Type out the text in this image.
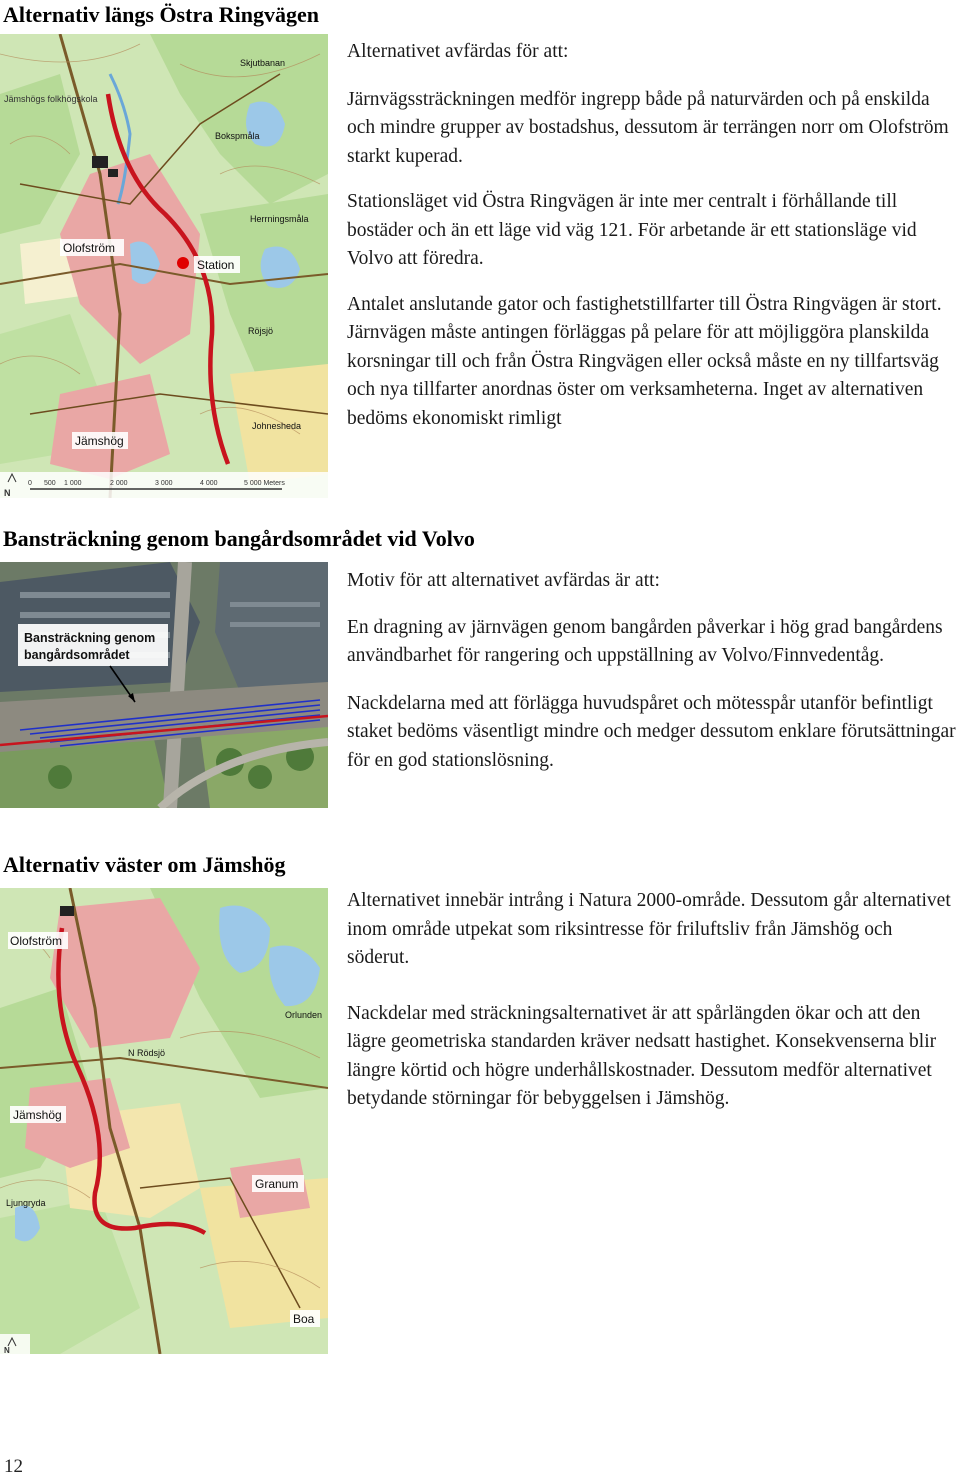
Alternativ längs Östra Ringvägen
Jämshögs folkhögskola
Olofström
Station
Jämshög
Skjutbanan
Bokspmåla
Herrningsmåla
Röjsjö
Johnesheda
0 500 1 000	2 000	3 000	4 000	5 000 Meters
N

Alternativet avfärdas för att:

Järnvägssträckningen medför ingrepp både på naturvärden och på enskilda och mindre grupper av bostadshus, dessutom är terrängen norr om Olofström starkt kuperad.

Stationsläget vid Östra Ringvägen är inte mer centralt i förhållande till bostäder och än ett läge vid väg 121. För arbetande är ett stationsläge vid Volvo att föredra.

Antalet anslutande gator och fastighetstillfarter till Östra Ringvägen är stort. Järnvägen måste antingen förläggas på pelare för att möjliggöra planskilda korsningar till och från Östra Ringvägen eller också måste en ny tillfartsväg och nya tillfarter anordnas öster om verksamheterna. Inget av alternativen bedöms ekonomiskt rimligt

Bansträckning genom bangårdsområdet vid Volvo
Bansträckning genom
bangårdsområdet

Motiv för att alternativet avfärdas är att:

En dragning av järnvägen genom bangården påverkar i hög grad bangårdens användbarhet för rangering och uppställning av Volvo/Finnvedentåg.

Nackdelarna med att förlägga huvudspåret och mötesspår utanför befintligt staket bedöms väsentligt mindre och medger dessutom enklare förutsättningar för en god stationslösning.

Alternativ väster om Jämshög
Olofström
Jämshög
Granum
Boa
N Rödsjö
Ljungryda
Orlunden
N

Alternativet innebär intrång i Natura 2000-område. Dessutom går alternativet inom område utpekat som riksintresse för friluftsliv från Jämshög och söderut.

Nackdelar med sträckningsalternativet är att spårlängden ökar och att den lägre geometriska standarden kräver nedsatt hastighet. Konsekvenserna blir längre körtid och högre underhållskostnader. Dessutom medför alternativet betydande störningar för bebyggelsen i Jämshög.

12
